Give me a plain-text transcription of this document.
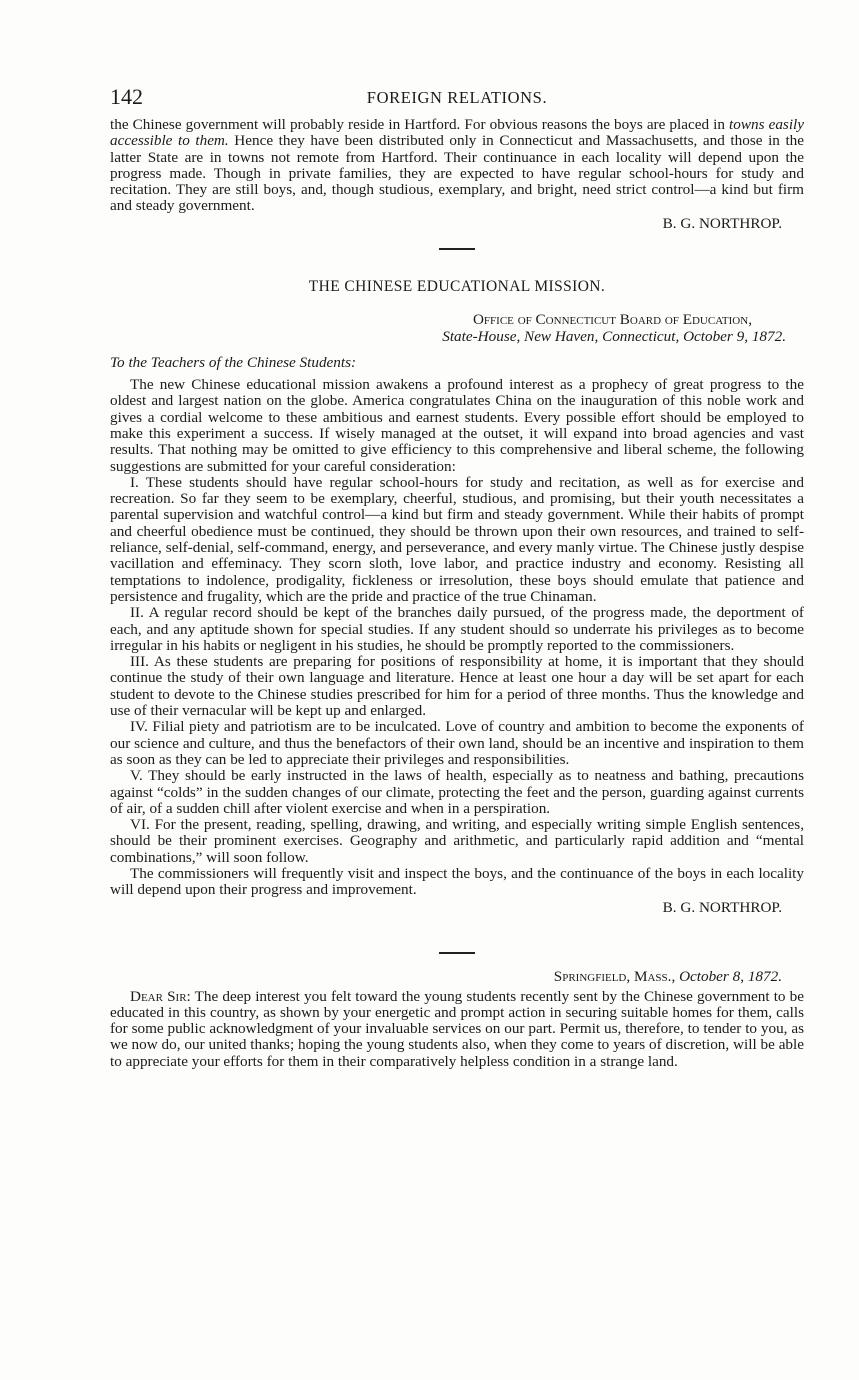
142	FOREIGN RELATIONS.

the Chinese government will probably reside in Hartford. For obvious reasons the boys are placed in towns easily accessible to them. Hence they have been distributed only in Connecticut and Massachusetts, and those in the latter State are in towns not remote from Hartford. Their continuance in each locality will depend upon the progress made. Though in private families, they are expected to have regular school-hours for study and recitation. They are still boys, and, though studious, exemplary, and bright, need strict control—a kind but firm and steady government.

B. G. NORTHROP.
THE CHINESE EDUCATIONAL MISSION.
Office of Connecticut Board of Education,
State-House, New Haven, Connecticut, October 9, 1872.

To the Teachers of the Chinese Students:

The new Chinese educational mission awakens a profound interest as a prophecy of great progress to the oldest and largest nation on the globe. America congratulates China on the inauguration of this noble work and gives a cordial welcome to these ambitious and earnest students. Every possible effort should be employed to make this experiment a success. If wisely managed at the outset, it will expand into broad agencies and vast results. That nothing may be omitted to give efficiency to this comprehensive and liberal scheme, the following suggestions are submitted for your careful consideration:

I. These students should have regular school-hours for study and recitation, as well as for exercise and recreation. So far they seem to be exemplary, cheerful, studious, and promising, but their youth necessitates a parental supervision and watchful control—a kind but firm and steady government. While their habits of prompt and cheerful obedience must be continued, they should be thrown upon their own resources, and trained to self-reliance, self-denial, self-command, energy, and perseverance, and every manly virtue. The Chinese justly despise vacillation and effeminacy. They scorn sloth, love labor, and practice industry and economy. Resisting all temptations to indolence, prodigality, fickleness or irresolution, these boys should emulate that patience and persistence and frugality, which are the pride and practice of the true Chinaman.

II. A regular record should be kept of the branches daily pursued, of the progress made, the deportment of each, and any aptitude shown for special studies. If any student should so underrate his privileges as to become irregular in his habits or negligent in his studies, he should be promptly reported to the commissioners.

III. As these students are preparing for positions of responsibility at home, it is important that they should continue the study of their own language and literature. Hence at least one hour a day will be set apart for each student to devote to the Chinese studies prescribed for him for a period of three months. Thus the knowledge and use of their vernacular will be kept up and enlarged.

IV. Filial piety and patriotism are to be inculcated. Love of country and ambition to become the exponents of our science and culture, and thus the benefactors of their own land, should be an incentive and inspiration to them as soon as they can be led to appreciate their privileges and responsibilities.

V. They should be early instructed in the laws of health, especially as to neatness and bathing, precautions against “colds” in the sudden changes of our climate, protecting the feet and the person, guarding against currents of air, of a sudden chill after violent exercise and when in a perspiration.

VI. For the present, reading, spelling, drawing, and writing, and especially writing simple English sentences, should be their prominent exercises. Geography and arithmetic, and particularly rapid addition and “mental combinations,” will soon follow.

The commissioners will frequently visit and inspect the boys, and the continuance of the boys in each locality will depend upon their progress and improvement.

B. G. NORTHROP.
Springfield, Mass., October 8, 1872.

Dear Sir: The deep interest you felt toward the young students recently sent by the Chinese government to be educated in this country, as shown by your energetic and prompt action in securing suitable homes for them, calls for some public acknowledgment of your invaluable services on our part. Permit us, therefore, to tender to you, as we now do, our united thanks; hoping the young students also, when they come to years of discretion, will be able to appreciate your efforts for them in their comparatively helpless condition in a strange land.
